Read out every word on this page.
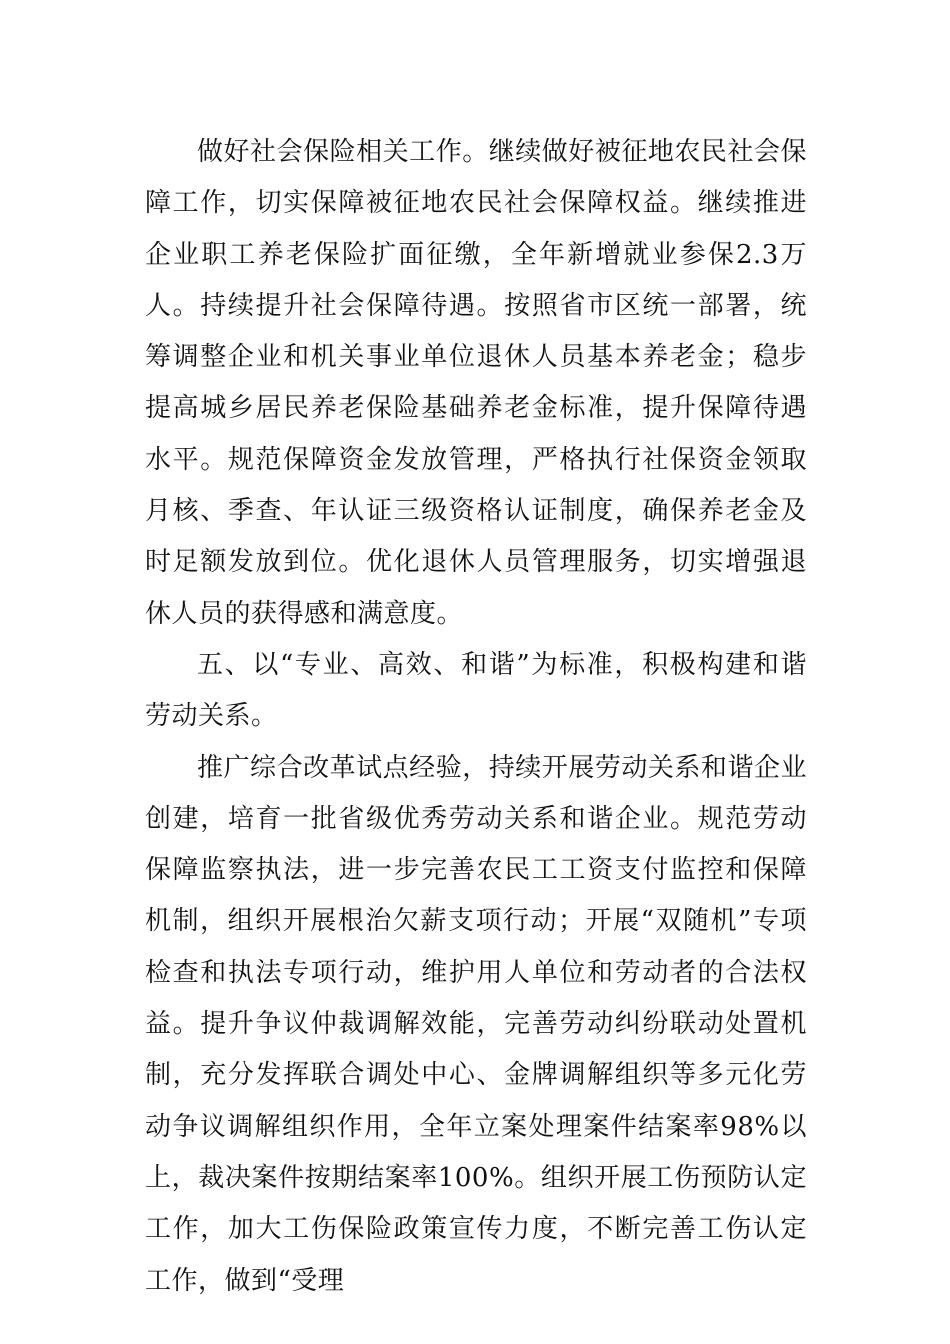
做好社会保险相关工作。继续做好被征地农民社会保障工作，切实保障被征地农民社会保障权益。继续推进企业职工养老保险扩面征缴，全年新增就业参保2.3万人。持续提升社会保障待遇。按照省市区统一部署，统筹调整企业和机关事业单位退休人员基本养老金；稳步提高城乡居民养老保险基础养老金标准，提升保障待遇水平。规范保障资金发放管理，严格执行社保资金领取月核、季查、年认证三级资格认证制度，确保养老金及时足额发放到位。优化退休人员管理服务，切实增强退休人员的获得感和满意度。

五、以“专业、高效、和谐”为标准，积极构建和谐劳动关系。

推广综合改革试点经验，持续开展劳动关系和谐企业创建，培育一批省级优秀劳动关系和谐企业。规范劳动保障监察执法，进一步完善农民工工资支付监控和保障机制，组织开展根治欠薪支项行动；开展“双随机”专项检查和执法专项行动，维护用人单位和劳动者的合法权益。提升争议仲裁调解效能，完善劳动纠纷联动处置机制，充分发挥联合调处中心、金牌调解组织等多元化劳动争议调解组织作用，全年立案处理案件结案率98%以上，裁决案件按期结案率100%。组织开展工伤预防认定工作，加大工伤保险政策宣传力度，不断完善工伤认定工作，做到“受理
